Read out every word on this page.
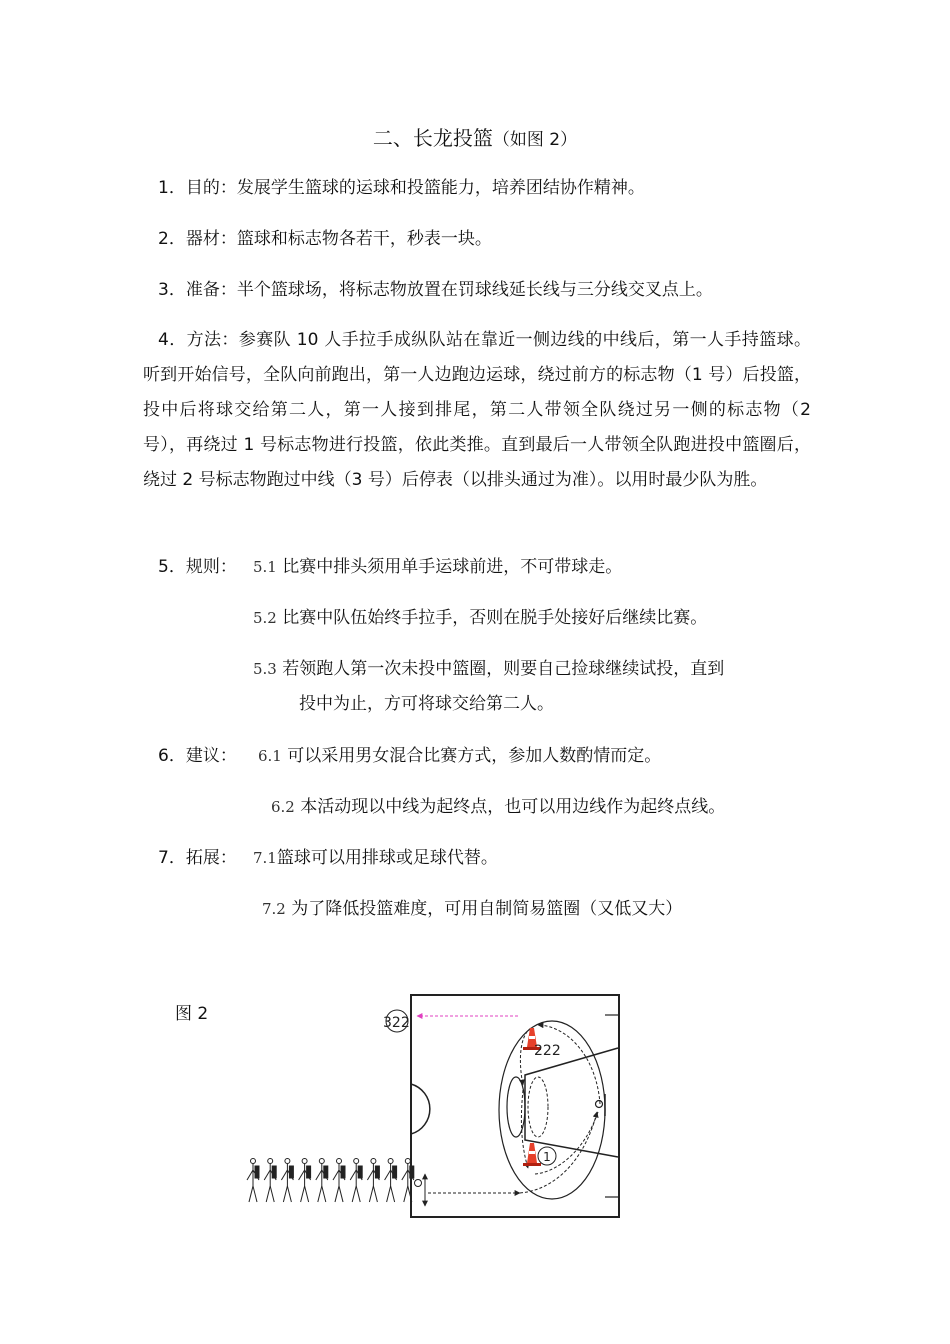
二、长龙投篮（如图 2）
1．目的：发展学生篮球的运球和投篮能力，培养团结协作精神。
2．器材：篮球和标志物各若干，秒表一块。
3．准备：半个篮球场，将标志物放置在罚球线延长线与三分线交叉点上。
4．方法：参赛队 10 人手拉手成纵队站在靠近一侧边线的中线后，第一人手持篮球。听到开始信号，全队向前跑出，第一人边跑边运球，绕过前方的标志物（1 号）后投篮，投中后将球交给第二人，第一人接到排尾，第二人带领全队绕过另一侧的标志物（2 号），再绕过 1 号标志物进行投篮，依此类推。直到最后一人带领全队跑进投中篮圈后，绕过 2 号标志物跑过中线（3 号）后停表（以排头通过为准）。以用时最少队为胜。
5．规则： 5.1 比赛中排头须用单手运球前进，不可带球走。
5.2 比赛中队伍始终手拉手，否则在脱手处接好后继续比赛。
5.3 若领跑人第一次未投中篮圈，则要自己捡球继续试投，直到
投中为止，方可将球交给第二人。
6．建议： 6.1 可以采用男女混合比赛方式，参加人数酌情而定。
6.2 本活动现以中线为起终点，也可以用边线作为起终点线。
7．拓展： 7.1篮球可以用排球或足球代替。
7.2 为了降低投篮难度，可用自制简易篮圈（又低又大）
图 2
222
1
322
